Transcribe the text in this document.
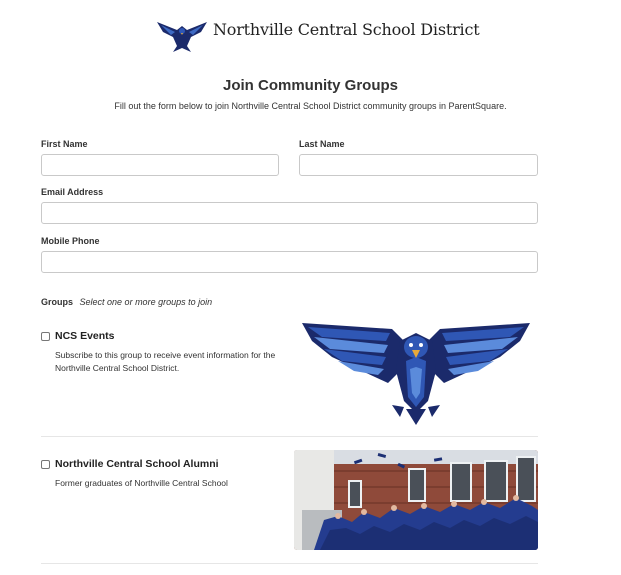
Northville Central School District
Join Community Groups
Fill out the form below to join Northville Central School District community groups in ParentSquare.
First Name	Last Name
Email Address
Mobile Phone
Groups Select one or more groups to join
NCS Events
Subscribe to this group to receive event information for the Northville Central School District.
Northville Central School Alumni
Former graduates of Northville Central School
